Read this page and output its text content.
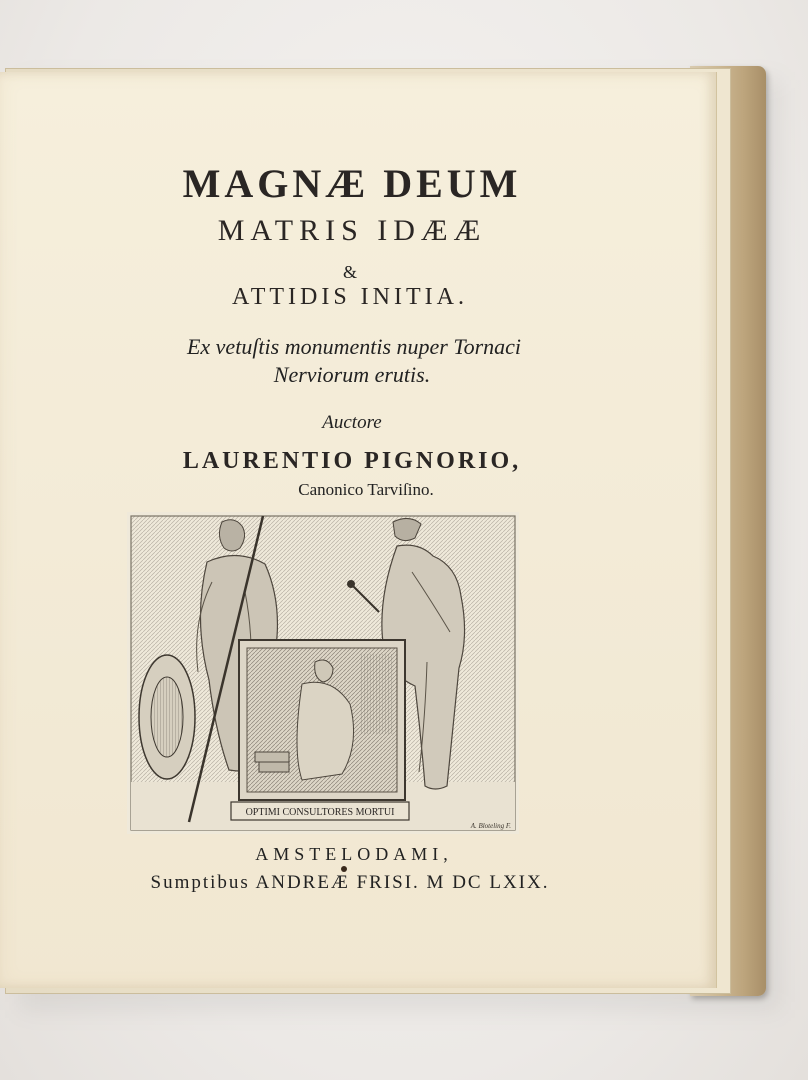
MAGNÆ DEUM
MATRIS IDÆÆ
&
ATTIDIS INITIA.
Ex vetuſtis monumentis nuper Tornaci
Nerviorum erutis.
Auctore
LAURENTIO PIGNORIO,
Canonico Tarviſino.
OPTIMI CONSULTORES MORTUI
A. Bloteling F.
AMSTELODAMI,
Sumptibus ANDREÆ FRISI. M DC LXIX.
